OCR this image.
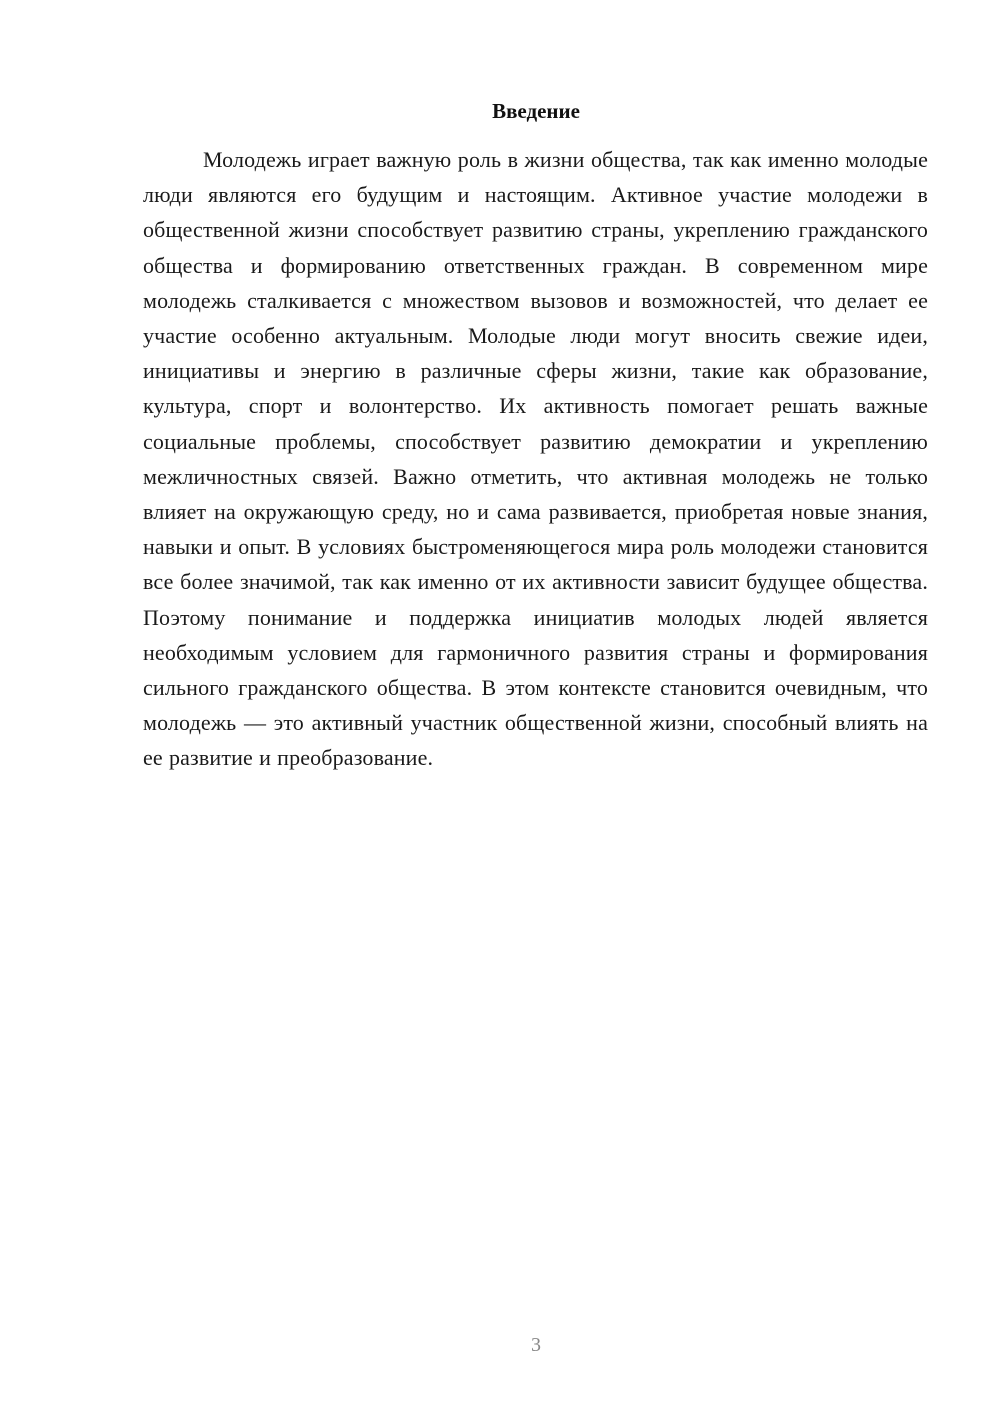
Введение

Молодежь играет важную роль в жизни общества, так как именно молодые люди являются его будущим и настоящим. Активное участие молодежи в общественной жизни способствует развитию страны, укреплению гражданского общества и формированию ответственных граждан. В современном мире молодежь сталкивается с множеством вызовов и возможностей, что делает ее участие особенно актуальным. Молодые люди могут вносить свежие идеи, инициативы и энергию в различные сферы жизни, такие как образование, культура, спорт и волонтерство. Их активность помогает решать важные социальные проблемы, способствует развитию демократии и укреплению межличностных связей. Важно отметить, что активная молодежь не только влияет на окружающую среду, но и сама развивается, приобретая новые знания, навыки и опыт. В условиях быстроменяющегося мира роль молодежи становится все более значимой, так как именно от их активности зависит будущее общества. Поэтому понимание и поддержка инициатив молодых людей является необходимым условием для гармоничного развития страны и формирования сильного гражданского общества. В этом контексте становится очевидным, что молодежь — это активный участник общественной жизни, способный влиять на ее развитие и преобразование.

3
